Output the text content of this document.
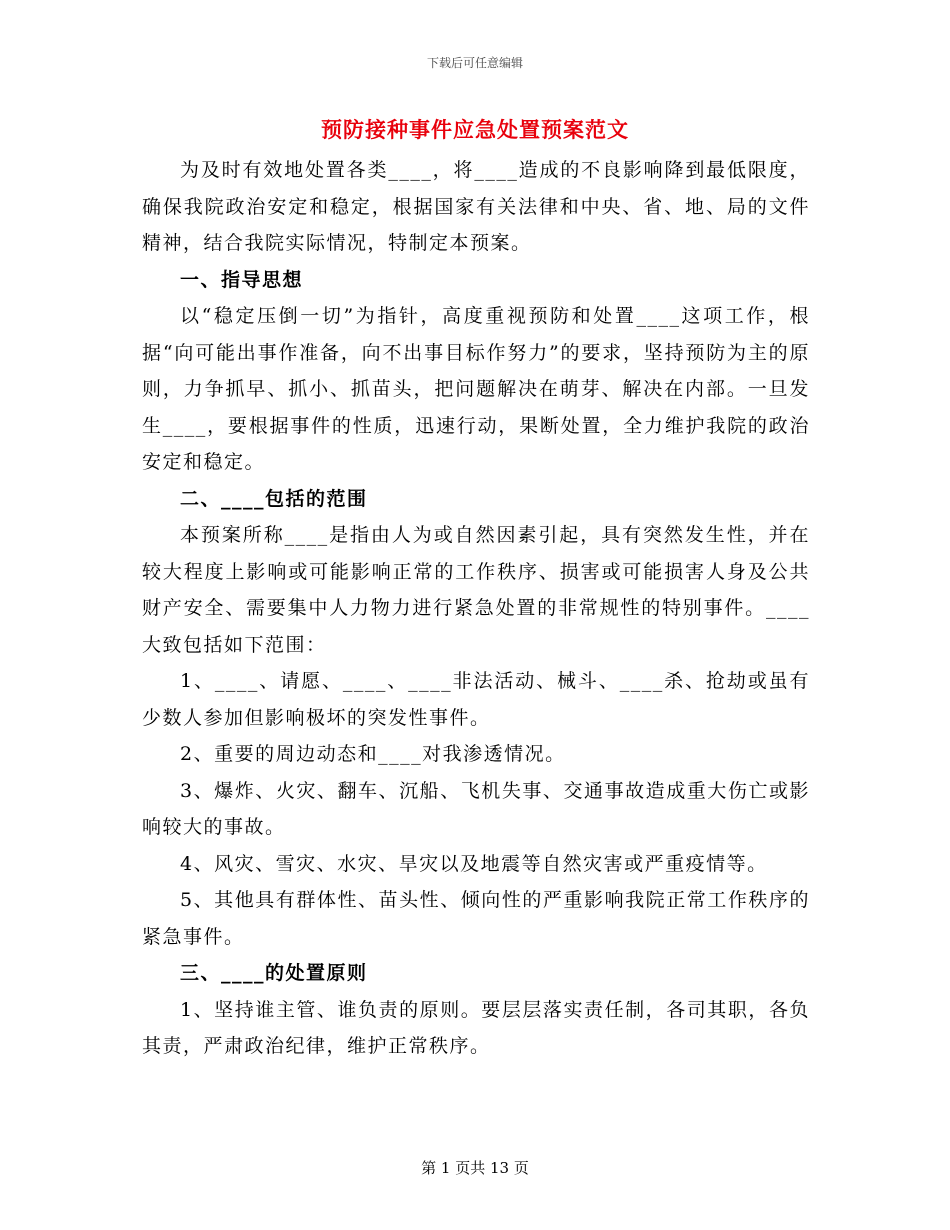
下载后可任意编辑
预防接种事件应急处置预案范文

为及时有效地处置各类____，将____造成的不良影响降到最低限度，确保我院政治安定和稳定，根据国家有关法律和中央、省、地、局的文件精神，结合我院实际情况，特制定本预案。

一、指导思想

以“稳定压倒一切”为指针，高度重视预防和处置____这项工作，根据“向可能出事作准备，向不出事目标作努力”的要求，坚持预防为主的原则，力争抓早、抓小、抓苗头，把问题解决在萌芽、解决在内部。一旦发生____，要根据事件的性质，迅速行动，果断处置，全力维护我院的政治安定和稳定。

二、____包括的范围

本预案所称____是指由人为或自然因素引起，具有突然发生性，并在较大程度上影响或可能影响正常的工作秩序、损害或可能损害人身及公共财产安全、需要集中人力物力进行紧急处置的非常规性的特别事件。____大致包括如下范围：

1、____、请愿、____、____非法活动、械斗、____杀、抢劫或虽有少数人参加但影响极坏的突发性事件。

2、重要的周边动态和____对我渗透情况。

3、爆炸、火灾、翻车、沉船、飞机失事、交通事故造成重大伤亡或影响较大的事故。

4、风灾、雪灾、水灾、旱灾以及地震等自然灾害或严重疫情等。

5、其他具有群体性、苗头性、倾向性的严重影响我院正常工作秩序的紧急事件。

三、____的处置原则

1、坚持谁主管、谁负责的原则。要层层落实责任制，各司其职，各负其责，严肃政治纪律，维护正常秩序。

第 1 页共 13 页
